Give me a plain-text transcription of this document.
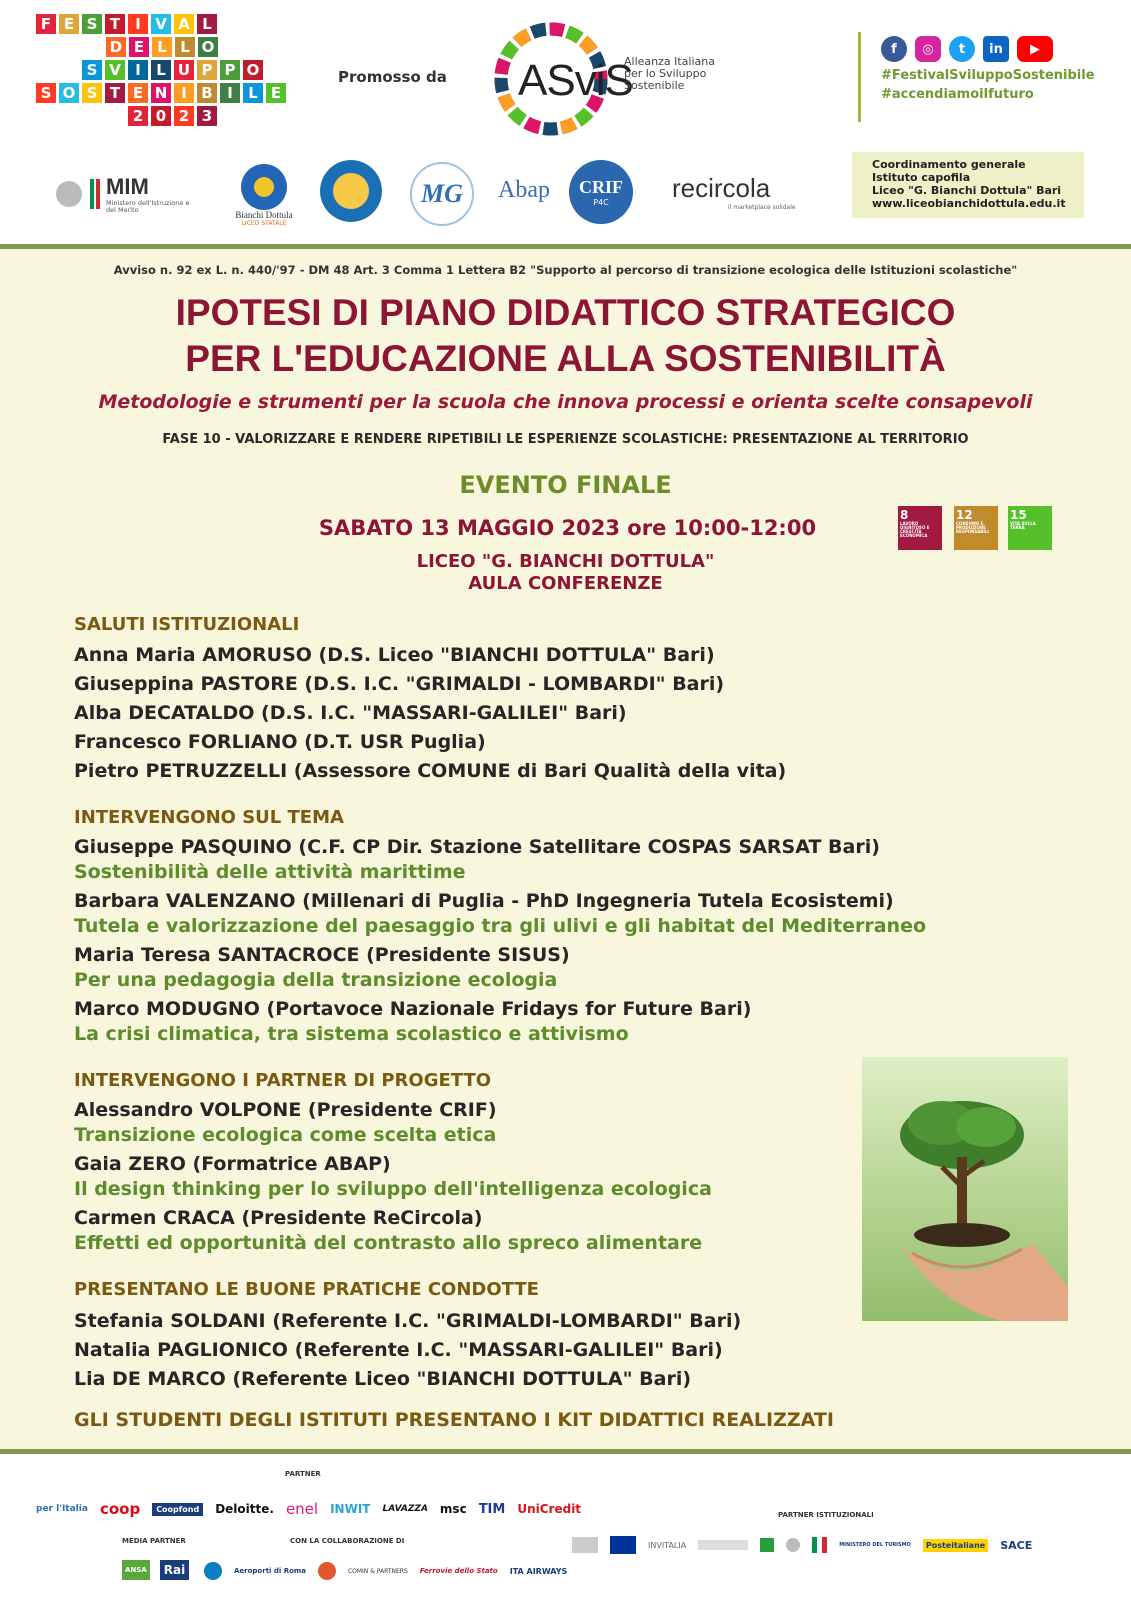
F E S T	I V A L
D E L L O
S V I	L U P P O
S O S T E N I B I	L E
2 0 2 3
Promosso da ASviS
Alleanza Italiana per lo Sviluppo Sostenibile
f	◎	t	in	▶
#FestivalSviluppoSostenibile
#accendiamoilfuturo
MIM
Ministero dell'Istruzione e del Merito	Bianchi Dottula
LICEO STATALE
MG	Abap CRIF
P4C recircola
il marketplace solidale
Coordinamento generale
Istituto capofila
Liceo "G. Bianchi Dottula" Bari
www.liceobianchidottula.edu.it
Avviso n. 92 ex L. n. 440/'97 - DM 48 Art. 3 Comma 1 Lettera B2 "Supporto al percorso di transizione ecologica delle Istituzioni scolastiche"
IPOTESI DI PIANO DIDATTICO STRATEGICO
PER L'EDUCAZIONE ALLA SOSTENIBILITÀ
Metodologie e strumenti per la scuola che innova processi e orienta scelte consapevoli
FASE 10 - VALORIZZARE E RENDERE RIPETIBILI LE ESPERIENZE SCOLASTICHE: PRESENTAZIONE AL TERRITORIO
EVENTO FINALE
SABATO 13 MAGGIO 2023 ore 10:00-12:00
LICEO "G. BIANCHI DOTTULA"
AULA CONFERENZE
8
LAVORO DIGNITOSO E CRESCITA ECONOMICA
12
CONSUMO E PRODUZIONE RESPONSABILI
15
VITA SULLA TERRA
SALUTI ISTITUZIONALI
Anna Maria AMORUSO (D.S. Liceo "BIANCHI DOTTULA" Bari)
Giuseppina PASTORE (D.S. I.C. "GRIMALDI - LOMBARDI" Bari)
Alba DECATALDO (D.S. I.C. "MASSARI-GALILEI" Bari)
Francesco FORLIANO (D.T. USR Puglia)
Pietro PETRUZZELLI (Assessore COMUNE di Bari Qualità della vita)
INTERVENGONO SUL TEMA
Giuseppe PASQUINO (C.F. CP Dir. Stazione Satellitare COSPAS SARSAT Bari)
Sostenibilità delle attività marittime
Barbara VALENZANO (Millenari di Puglia - PhD Ingegneria Tutela Ecosistemi)
Tutela e valorizzazione del paesaggio tra gli ulivi e gli habitat del Mediterraneo
Maria Teresa SANTACROCE (Presidente SISUS)
Per una pedagogia della transizione ecologia
Marco MODUGNO (Portavoce Nazionale Fridays for Future Bari)
La crisi climatica, tra sistema scolastico e attivismo
INTERVENGONO I PARTNER DI PROGETTO
Alessandro VOLPONE (Presidente CRIF)
Transizione ecologica come scelta etica
Gaia ZERO (Formatrice ABAP)
Il design thinking per lo sviluppo dell'intelligenza ecologica
Carmen CRACA (Presidente ReCircola)
Effetti ed opportunità del contrasto allo spreco alimentare
PRESENTANO LE BUONE PRATICHE CONDOTTE
Stefania SOLDANI (Referente I.C. "GRIMALDI-LOMBARDI" Bari)
Natalia PAGLIONICO (Referente I.C. "MASSARI-GALILEI" Bari)
Lia DE MARCO (Referente Liceo "BIANCHI DOTTULA" Bari)
GLI STUDENTI DEGLI ISTITUTI PRESENTANO I KIT DIDATTICI REALIZZATI
PARTNER
per l'Italia coop	Coopfond	Deloitte. enel INWIT LAVAZZA msc TIM UniCredit
MEDIA PARTNER
ANSA	Rai
CON LA COLLABORAZIONE DI
Aeroporti di Roma	COMIN & PARTNERS Ferrovie dello Stato ITA AIRWAYS
PARTNER ISTITUZIONALI
INVITALIA	MINISTERO DEL TURISMO	Posteitaliane SACE
